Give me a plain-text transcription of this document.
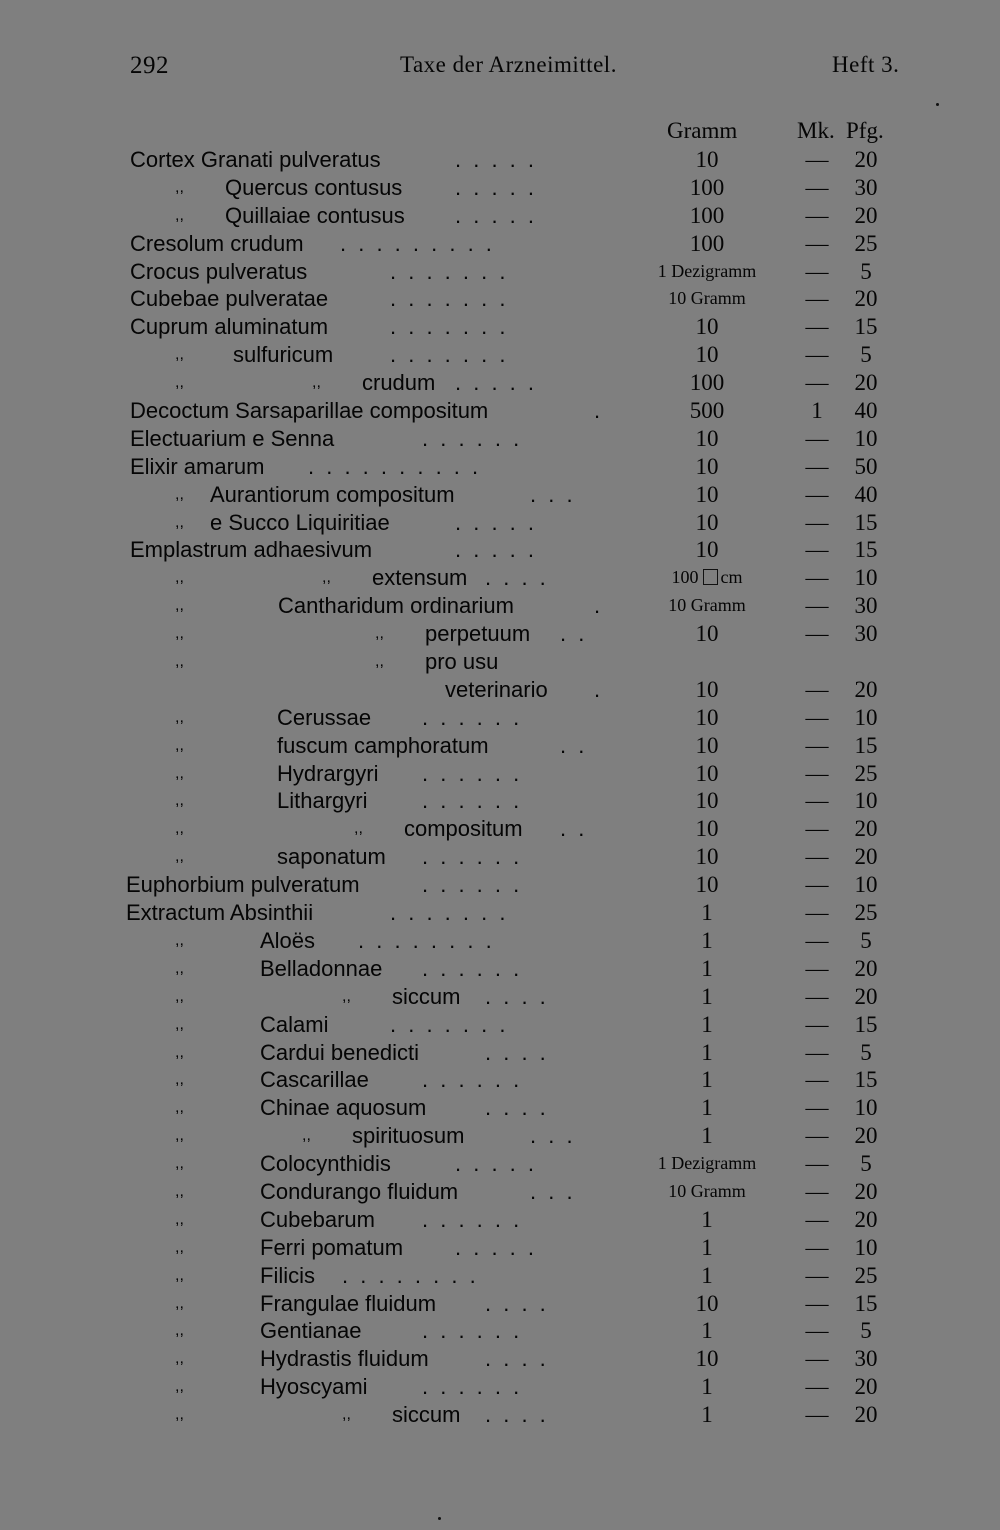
292	Taxe der Arzneimittel.	Heft 3.
Gramm	Mk. Pfg.
Cortex Granati pulveratus	. . . . .	10	—	20
,, Quercus contusus . . . . .	100	—	30
,, Quillaiae contusus . . . . .	100	—	20
Cresolum crudum . . . . . . . . .	100	—	25
Crocus pulveratus	. . . . . . .	1 Dezigramm	—	5
Cubebae pulveratae	. . . . . . .	10 Gramm	—	20
Cuprum aluminatum	. . . . . . .	10	—	15
,, sulfuricum	. . . . . . .	10	—	5
,,	,, crudum . . . . .	100	—	20
Decoctum Sarsaparillae compositum	.	500	1	40
Electuarium e Senna	. . . . . .	10	—	10
Elixir amarum . . . . . . . . . .	10	—	50
,, Aurantiorum compositum	. . .	10	—	40
,, e Succo Liquiritiae	. . . . .	10	—	15
Emplastrum adhaesivum	. . . . .	10	—	15
,,	,, extensum . . . .	100 cm	—	10
,,	Cantharidum ordinarium	.	10 Gramm	—	30
,,	,, perpetuum . .	10	—	30
,,	,, pro usu
veterinario .	10	—	20
,,	Cerussae . . . . . .	10	—	10
,,	fuscum camphoratum	. .	10	—	15
,,	Hydrargyri . . . . . .	10	—	25
,,	Lithargyri . . . . . .	10	—	10
,,	,, compositum . .	10	—	20
,,	saponatum . . . . . .	10	—	20
Euphorbium pulveratum	. . . . . .	10	—	10
Extractum Absinthii	. . . . . . .	1	—	25
,,	Aloës . . . . . . . .	1	—	5
,,	Belladonnae . . . . . .	1	—	20
,,	,, siccum . . . .	1	—	20
,,	Calami	. . . . . . .	1	—	15
,,	Cardui benedicti	. . . .	1	—	5
,,	Cascarillae . . . . . .	1	—	15
,,	Chinae aquosum	. . . .	1	—	10
,,	,, spirituosum	. . .	1	—	20
,,	Colocynthidis	. . . . .	1 Dezigramm	—	5
,,	Condurango fluidum	. . .	10 Gramm	—	20
,,	Cubebarum . . . . . .	1	—	20
,,	Ferri pomatum . . . . .	1	—	10
,,	Filicis . . . . . . . .	1	—	25
,,	Frangulae fluidum . . . .	10	—	15
,,	Gentianae	. . . . . .	1	—	5
,,	Hydrastis fluidum	. . . .	10	—	30
,,	Hyoscyami . . . . . .	1	—	20
,,	,, siccum . . . .	1	—	20
